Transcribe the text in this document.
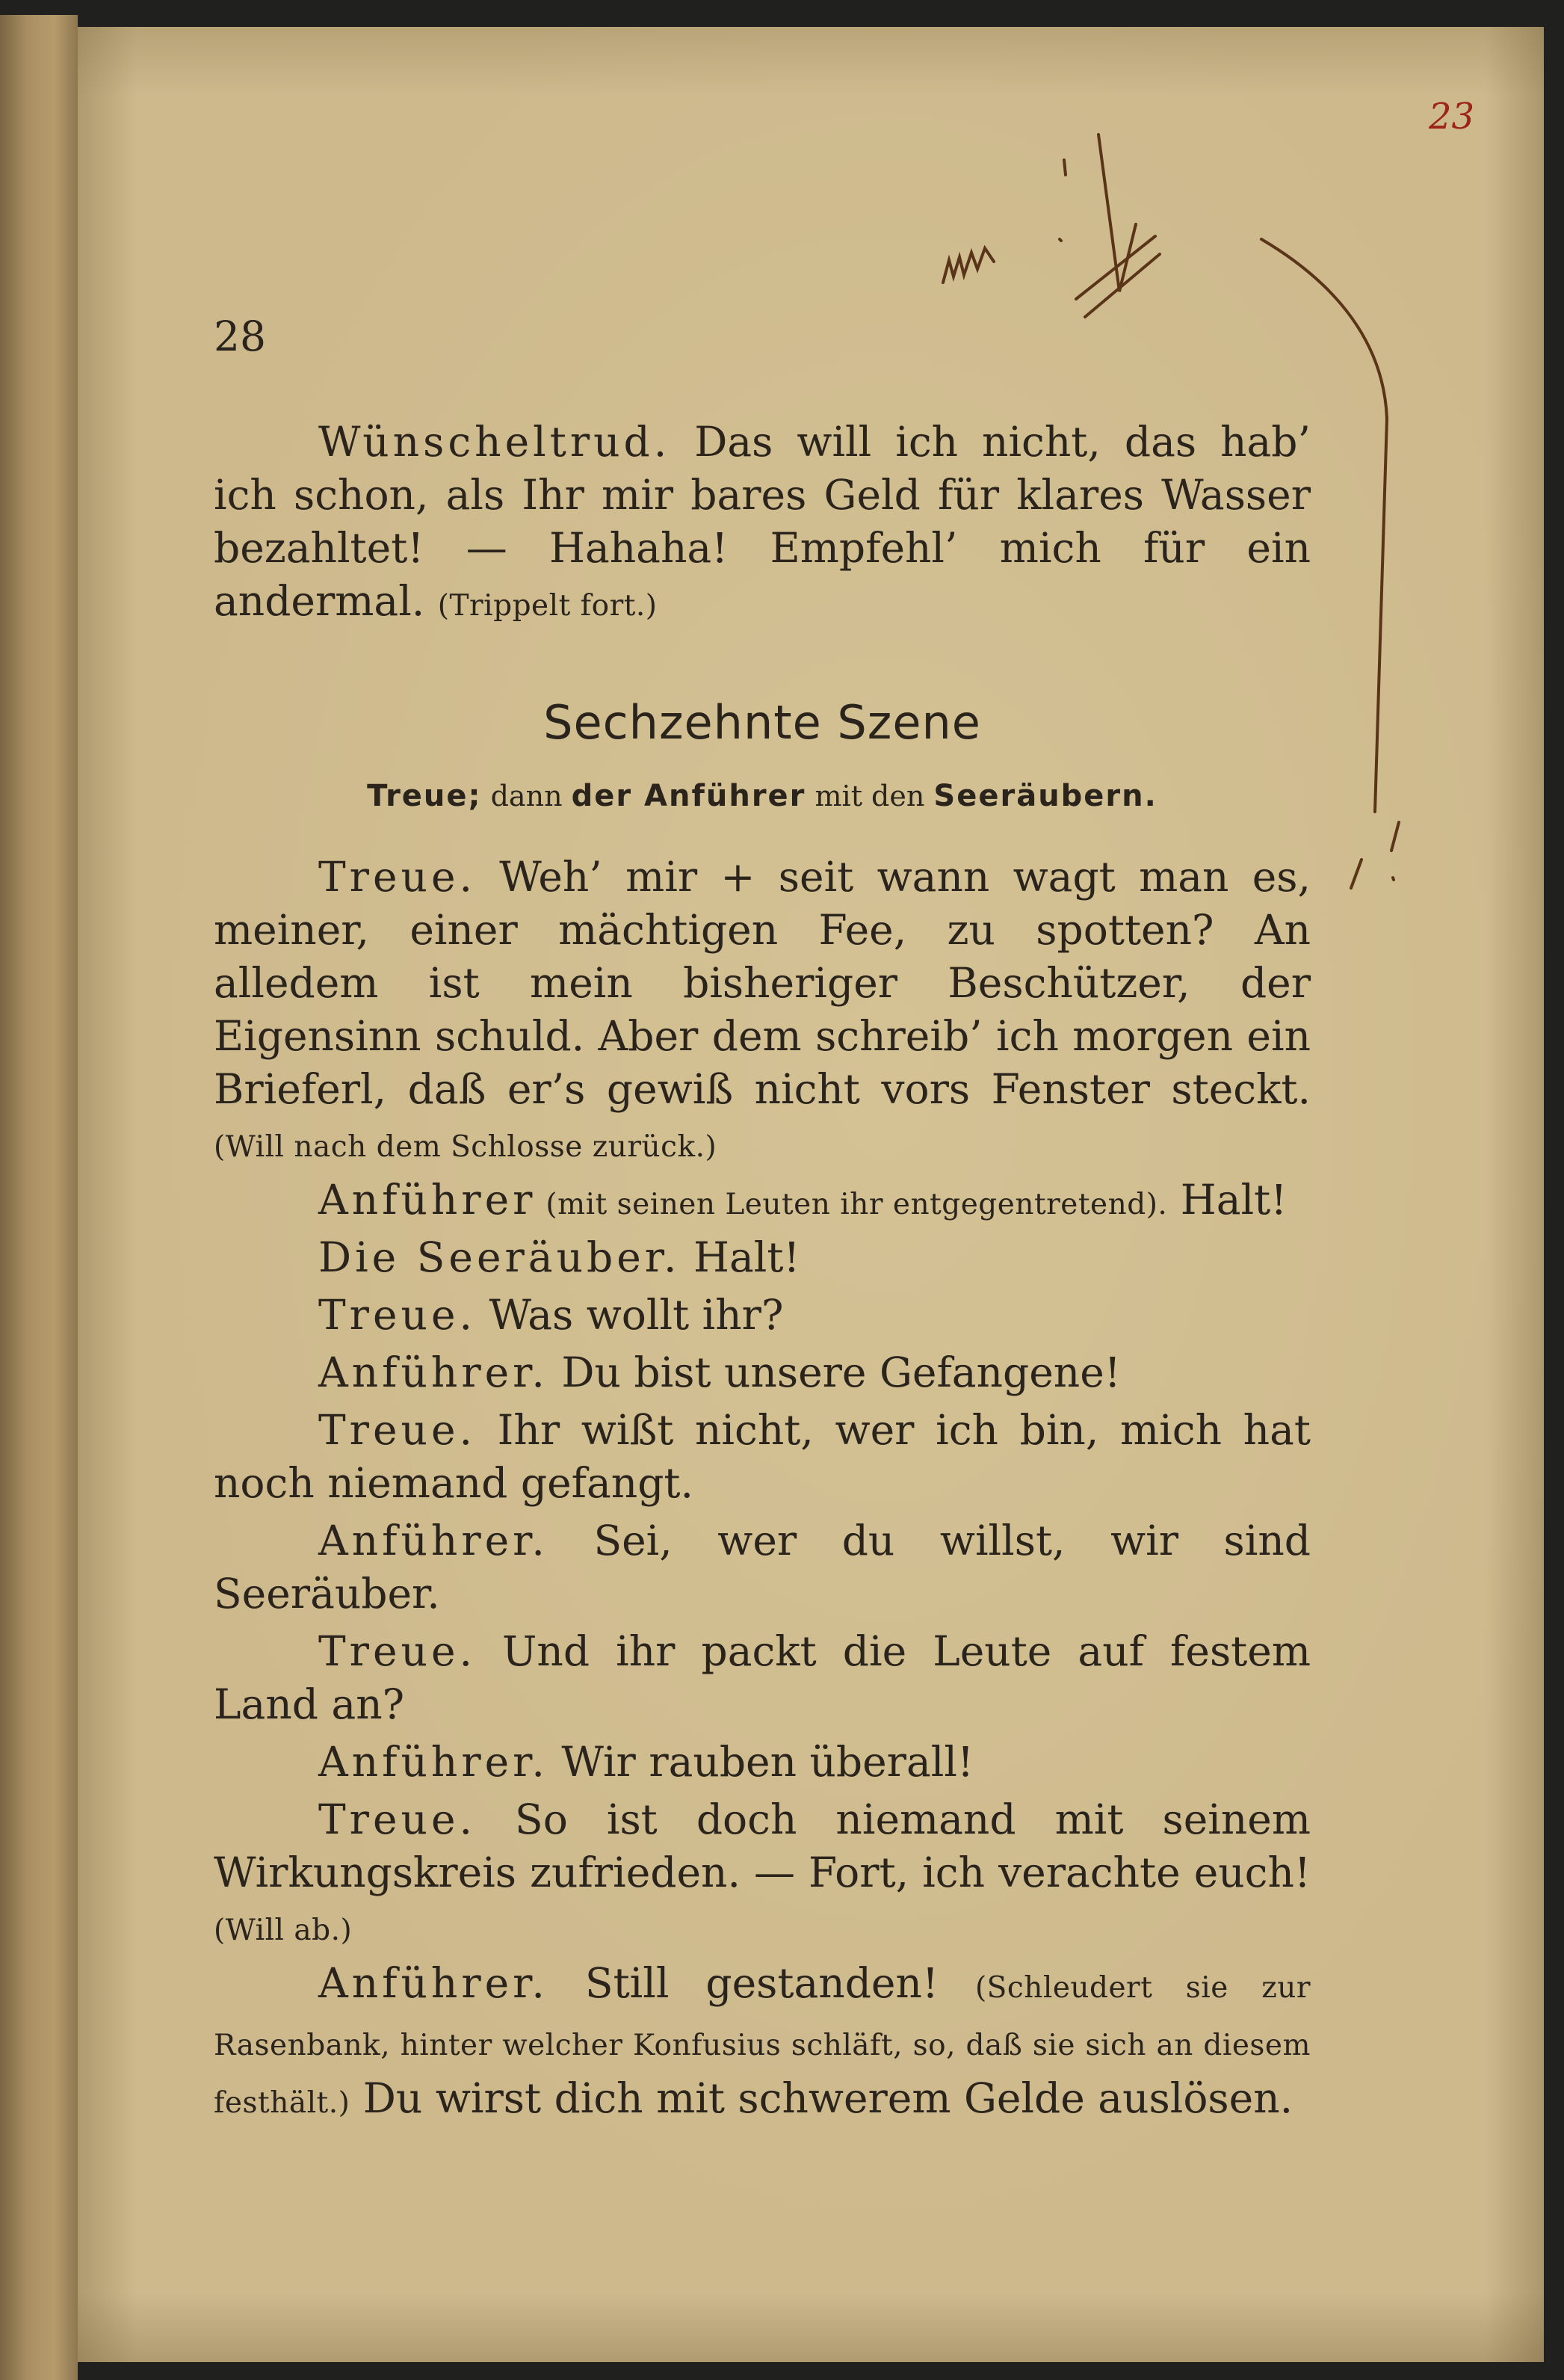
23
28
Wünscheltrud. Das will ich nicht, das hab’ ich schon, als Ihr mir bares Geld für klares Wasser bezahltet! — Hahaha! Empfehl’ mich für ein andermal. (Trippelt fort.)
Sechzehnte Szene
Treue; dann der Anführer mit den Seeräubern.
Treue. Weh’ mir + seit wann wagt man es, meiner, einer mächtigen Fee, zu spotten? An alledem ist mein bisheriger Beschützer, der Eigensinn schuld. Aber dem schreib’ ich morgen ein Brieferl, daß er’s gewiß nicht vors Fenster steckt. (Will nach dem Schlosse zurück.)
Anführer (mit seinen Leuten ihr entgegentretend). Halt!
Die Seeräuber. Halt!
Treue. Was wollt ihr?
Anführer. Du bist unsere Gefangene!
Treue. Ihr wißt nicht, wer ich bin, mich hat noch niemand gefangt.
Anführer. Sei, wer du willst, wir sind Seeräuber.
Treue. Und ihr packt die Leute auf festem Land an?
Anführer. Wir rauben überall!
Treue. So ist doch niemand mit seinem Wirkungskreis zufrieden. — Fort, ich verachte euch! (Will ab.)
Anführer. Still gestanden! (Schleudert sie zur Rasenbank, hinter welcher Konfusius schläft, so, daß sie sich an diesem festhält.) Du wirst dich mit schwerem Gelde auslösen.
